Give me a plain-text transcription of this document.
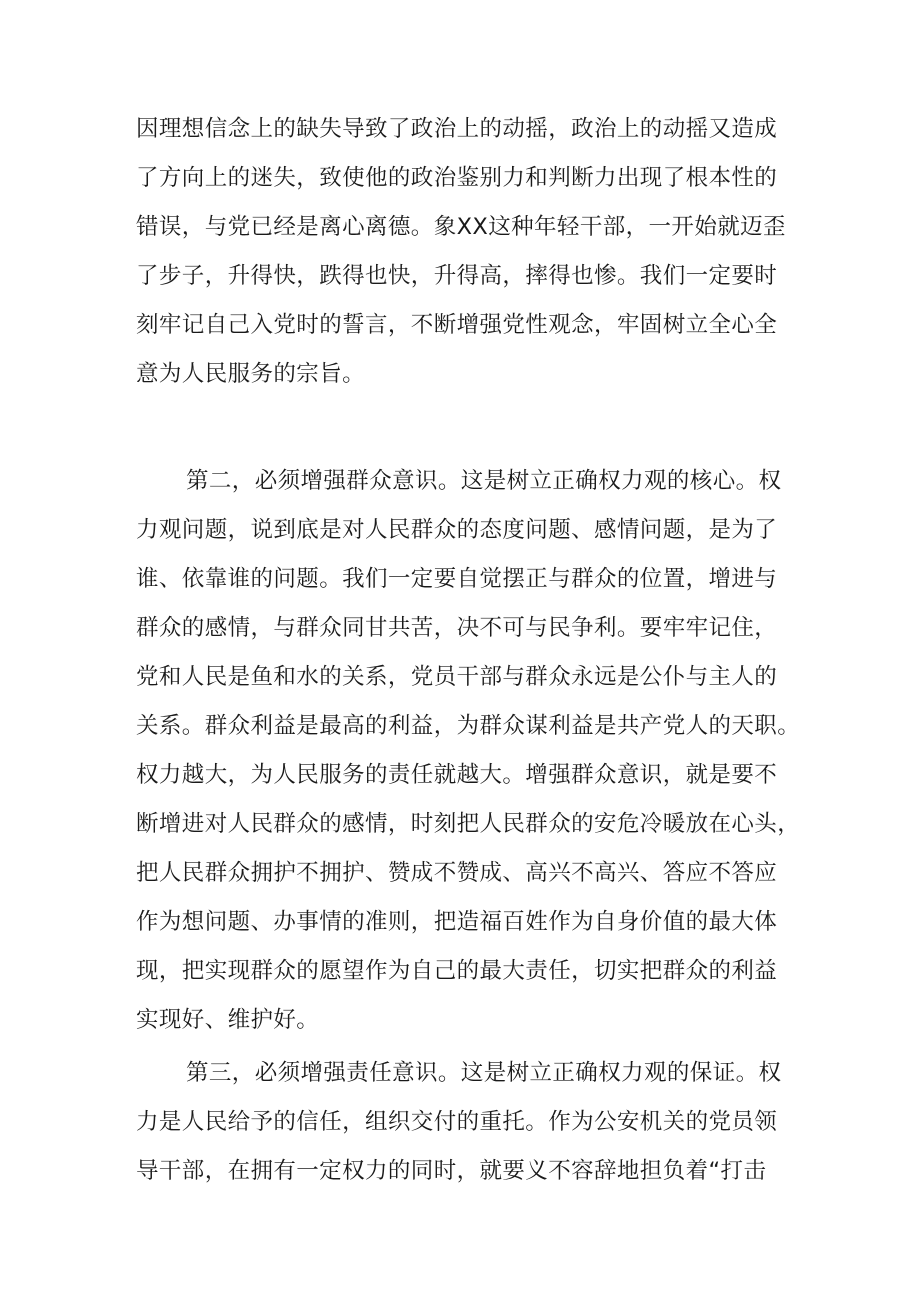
因理想信念上的缺失导致了政治上的动摇，政治上的动摇又造成
了方向上的迷失，致使他的政治鉴别力和判断力出现了根本性的
错误，与党已经是离心离德。象XX这种年轻干部，一开始就迈歪
了步子，升得快，跌得也快，升得高，摔得也惨。我们一定要时
刻牢记自己入党时的誓言，不断增强党性观念，牢固树立全心全
意为人民服务的宗旨。
第二，必须增强群众意识。这是树立正确权力观的核心。权
力观问题，说到底是对人民群众的态度问题、感情问题，是为了
谁、依靠谁的问题。我们一定要自觉摆正与群众的位置，增进与
群众的感情，与群众同甘共苦，决不可与民争利。要牢牢记住，
党和人民是鱼和水的关系，党员干部与群众永远是公仆与主人的
关系。群众利益是最高的利益，为群众谋利益是共产党人的天职。
权力越大，为人民服务的责任就越大。增强群众意识，就是要不
断增进对人民群众的感情，时刻把人民群众的安危冷暖放在心头，
把人民群众拥护不拥护、赞成不赞成、高兴不高兴、答应不答应
作为想问题、办事情的准则，把造福百姓作为自身价值的最大体
现，把实现群众的愿望作为自己的最大责任，切实把群众的利益
实现好、维护好。
第三，必须增强责任意识。这是树立正确权力观的保证。权
力是人民给予的信任，组织交付的重托。作为公安机关的党员领
导干部，在拥有一定权力的同时，就要义不容辞地担负着“打击
